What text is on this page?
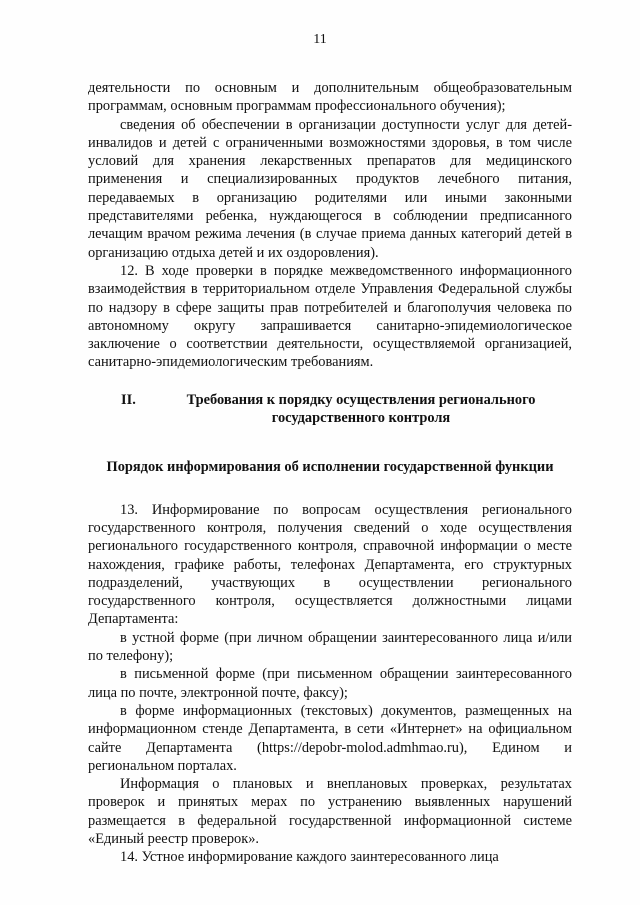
11

деятельности по основным и дополнительным общеобразовательным программам, основным программам профессионального обучения);

сведения об обеспечении в организации доступности услуг для детей-инвалидов и детей с ограниченными возможностями здоровья, в том числе условий для хранения лекарственных препаратов для медицинского применения и специализированных продуктов лечебного питания, передаваемых в организацию родителями или иными законными представителями ребенка, нуждающегося в соблюдении предписанного лечащим врачом режима лечения (в случае приема данных категорий детей в организацию отдыха детей и их оздоровления).

12. В ходе проверки в порядке межведомственного информационного взаимодействия в территориальном отделе Управления Федеральной службы по надзору в сфере защиты прав потребителей и благополучия человека по автономному округу запрашивается санитарно-эпидемиологическое заключение о соответствии деятельности, осуществляемой организацией, санитарно-эпидемиологическим требованиям.

II.	Требования к порядку осуществления регионального государственного контроля
Порядок информирования об исполнении государственной функции

13. Информирование по вопросам осуществления регионального государственного контроля, получения сведений о ходе осуществления регионального государственного контроля, справочной информации о месте нахождения, графике работы, телефонах Департамента, его структурных подразделений, участвующих в осуществлении регионального государственного контроля, осуществляется должностными лицами Департамента:

в устной форме (при личном обращении заинтересованного лица и/или по телефону);

в письменной форме (при письменном обращении заинтересованного лица по почте, электронной почте, факсу);

в форме информационных (текстовых) документов, размещенных на информационном стенде Департамента, в сети «Интернет» на официальном сайте Департамента (https://depobr-molod.admhmao.ru), Едином и региональном порталах.

Информация о плановых и внеплановых проверках, результатах проверок и принятых мерах по устранению выявленных нарушений размещается в федеральной государственной информационной системе «Единый реестр проверок».

14. Устное информирование каждого заинтересованного лица
